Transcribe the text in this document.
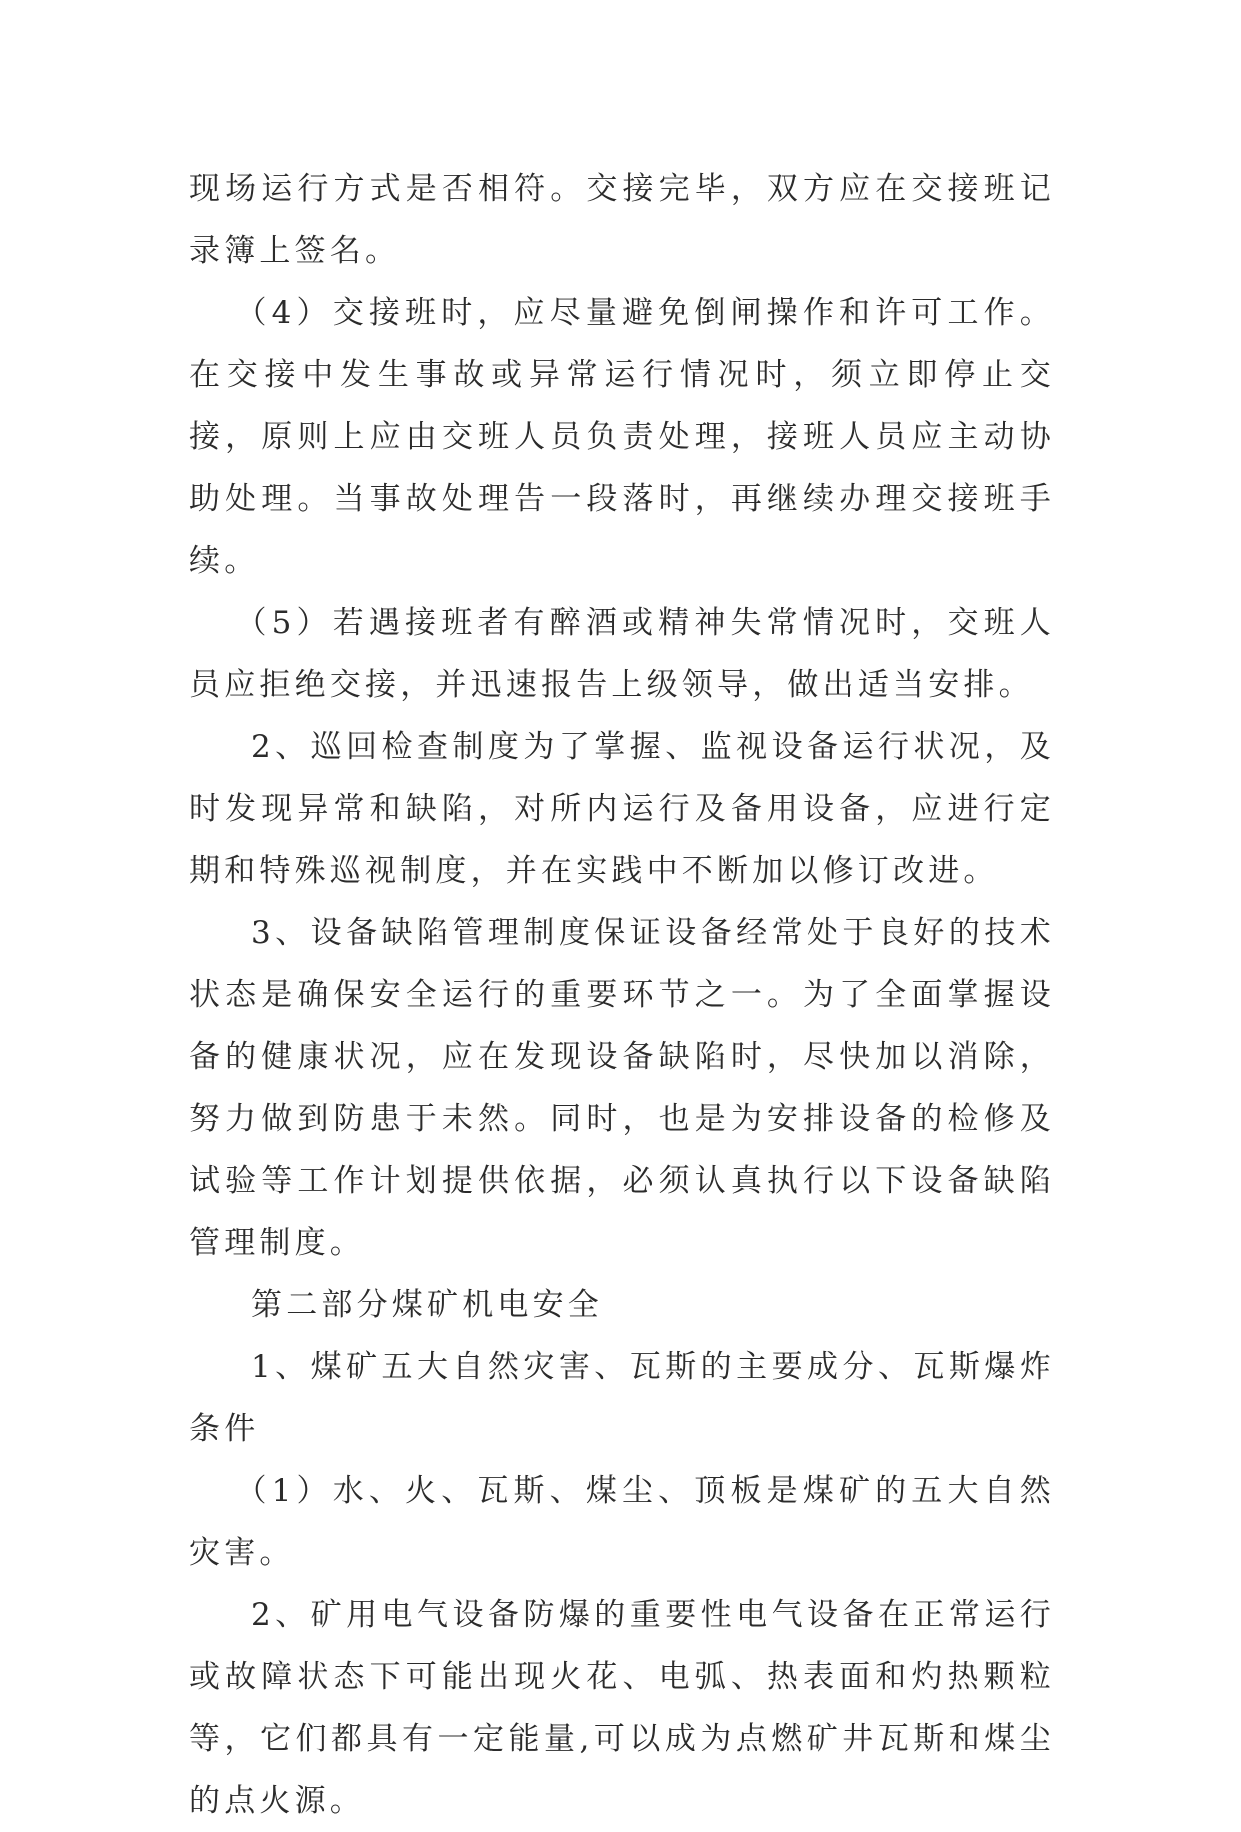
现场运行方式是否相符。交接完毕，双方应在交接班记录簿上签名。

（4）交接班时，应尽量避免倒闸操作和许可工作。在交接中发生事故或异常运行情况时，须立即停止交接，原则上应由交班人员负责处理，接班人员应主动协助处理。当事故处理告一段落时，再继续办理交接班手续。

（5）若遇接班者有醉酒或精神失常情况时，交班人员应拒绝交接，并迅速报告上级领导，做出适当安排。

2、巡回检查制度为了掌握、监视设备运行状况，及时发现异常和缺陷，对所内运行及备用设备，应进行定期和特殊巡视制度，并在实践中不断加以修订改进。

3、设备缺陷管理制度保证设备经常处于良好的技术状态是确保安全运行的重要环节之一。为了全面掌握设备的健康状况，应在发现设备缺陷时，尽快加以消除，努力做到防患于未然。同时，也是为安排设备的检修及试验等工作计划提供依据，必须认真执行以下设备缺陷管理制度。

第二部分煤矿机电安全

1、煤矿五大自然灾害、瓦斯的主要成分、瓦斯爆炸条件

（1）水、火、瓦斯、煤尘、顶板是煤矿的五大自然灾害。

2、矿用电气设备防爆的重要性电气设备在正常运行或故障状态下可能出现火花、电弧、热表面和灼热颗粒等，它们都具有一定能量,可以成为点燃矿井瓦斯和煤尘的点火源。
